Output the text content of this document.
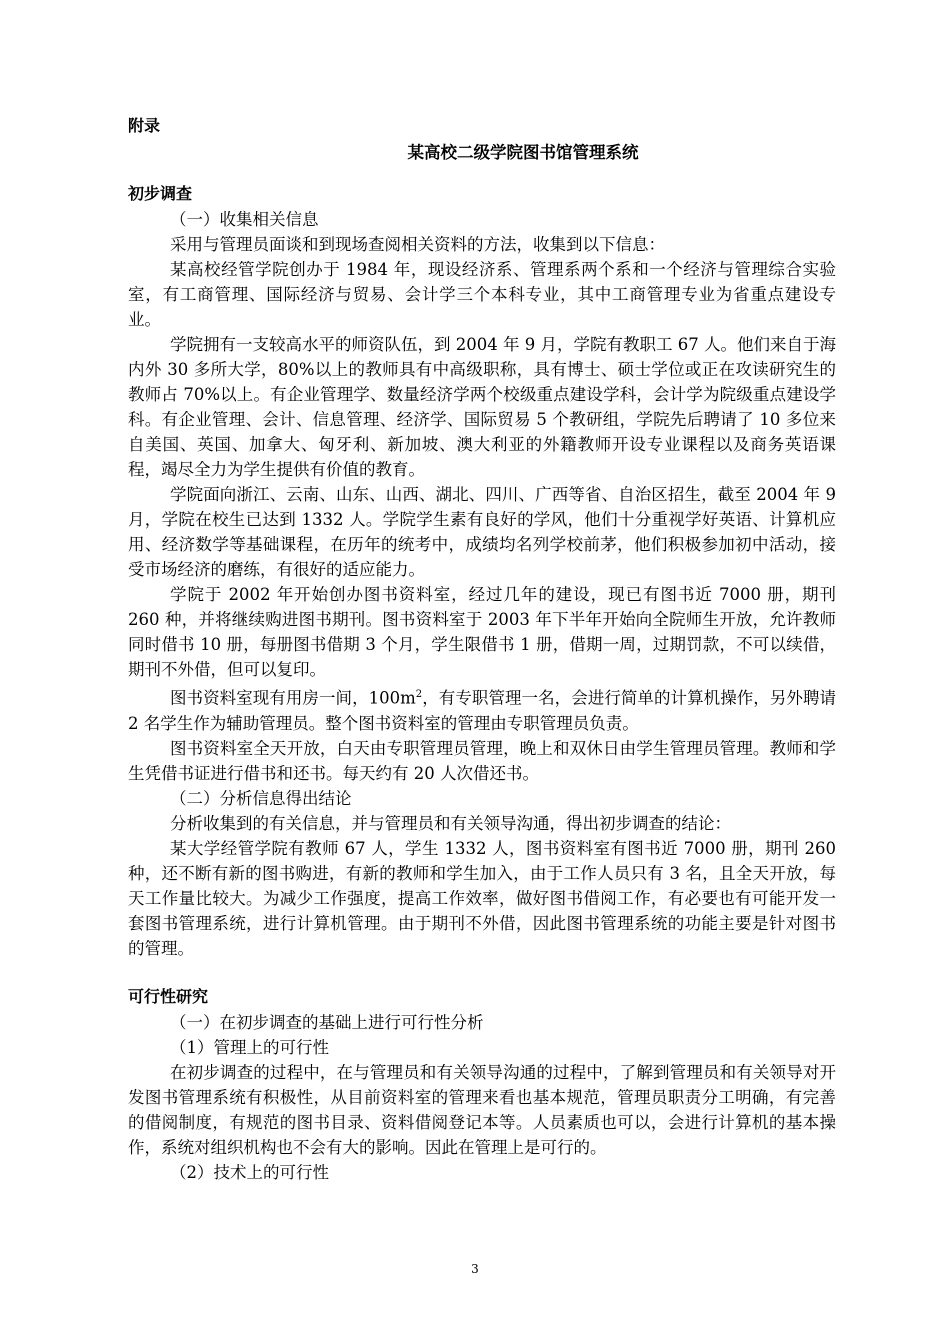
附录

某高校二级学院图书馆管理系统

初步调查

（一）收集相关信息

采用与管理员面谈和到现场查阅相关资料的方法，收集到以下信息：

某高校经管学院创办于 1984 年，现设经济系、管理系两个系和一个经济与管理综合实验室，有工商管理、国际经济与贸易、会计学三个本科专业，其中工商管理专业为省重点建设专业。

学院拥有一支较高水平的师资队伍，到 2004 年 9 月，学院有教职工 67 人。他们来自于海内外 30 多所大学，80%以上的教师具有中高级职称，具有博士、硕士学位或正在攻读研究生的教师占 70%以上。有企业管理学、数量经济学两个校级重点建设学科，会计学为院级重点建设学科。有企业管理、会计、信息管理、经济学、国际贸易 5 个教研组，学院先后聘请了 10 多位来自美国、英国、加拿大、匈牙利、新加坡、澳大利亚的外籍教师开设专业课程以及商务英语课程，竭尽全力为学生提供有价值的教育。

学院面向浙江、云南、山东、山西、湖北、四川、广西等省、自治区招生，截至 2004 年 9 月，学院在校生已达到 1332 人。学院学生素有良好的学风，他们十分重视学好英语、计算机应用、经济数学等基础课程，在历年的统考中，成绩均名列学校前茅，他们积极参加初中活动，接受市场经济的磨练，有很好的适应能力。

学院于 2002 年开始创办图书资料室，经过几年的建设，现已有图书近 7000 册，期刊 260 种，并将继续购进图书期刊。图书资料室于 2003 年下半年开始向全院师生开放，允许教师同时借书 10 册，每册图书借期 3 个月，学生限借书 1 册，借期一周，过期罚款，不可以续借，期刊不外借，但可以复印。

图书资料室现有用房一间，$100m^2$，有专职管理一名，会进行简单的计算机操作，另外聘请 2 名学生作为辅助管理员。整个图书资料室的管理由专职管理员负责。

图书资料室全天开放，白天由专职管理员管理，晚上和双休日由学生管理员管理。教师和学生凭借书证进行借书和还书。每天约有 20 人次借还书。

（二）分析信息得出结论

分析收集到的有关信息，并与管理员和有关领导沟通，得出初步调查的结论：

某大学经管学院有教师 67 人，学生 1332 人，图书资料室有图书近 7000 册，期刊 260 种，还不断有新的图书购进，有新的教师和学生加入，由于工作人员只有 3 名，且全天开放，每天工作量比较大。为减少工作强度，提高工作效率，做好图书借阅工作，有必要也有可能开发一套图书管理系统，进行计算机管理。由于期刊不外借，因此图书管理系统的功能主要是针对图书的管理。

可行性研究

（一）在初步调查的基础上进行可行性分析

（1）管理上的可行性

在初步调查的过程中，在与管理员和有关领导沟通的过程中，了解到管理员和有关领导对开发图书管理系统有积极性，从目前资料室的管理来看也基本规范，管理员职责分工明确，有完善的借阅制度，有规范的图书目录、资料借阅登记本等。人员素质也可以，会进行计算机的基本操作，系统对组织机构也不会有大的影响。因此在管理上是可行的。

（2）技术上的可行性

3
